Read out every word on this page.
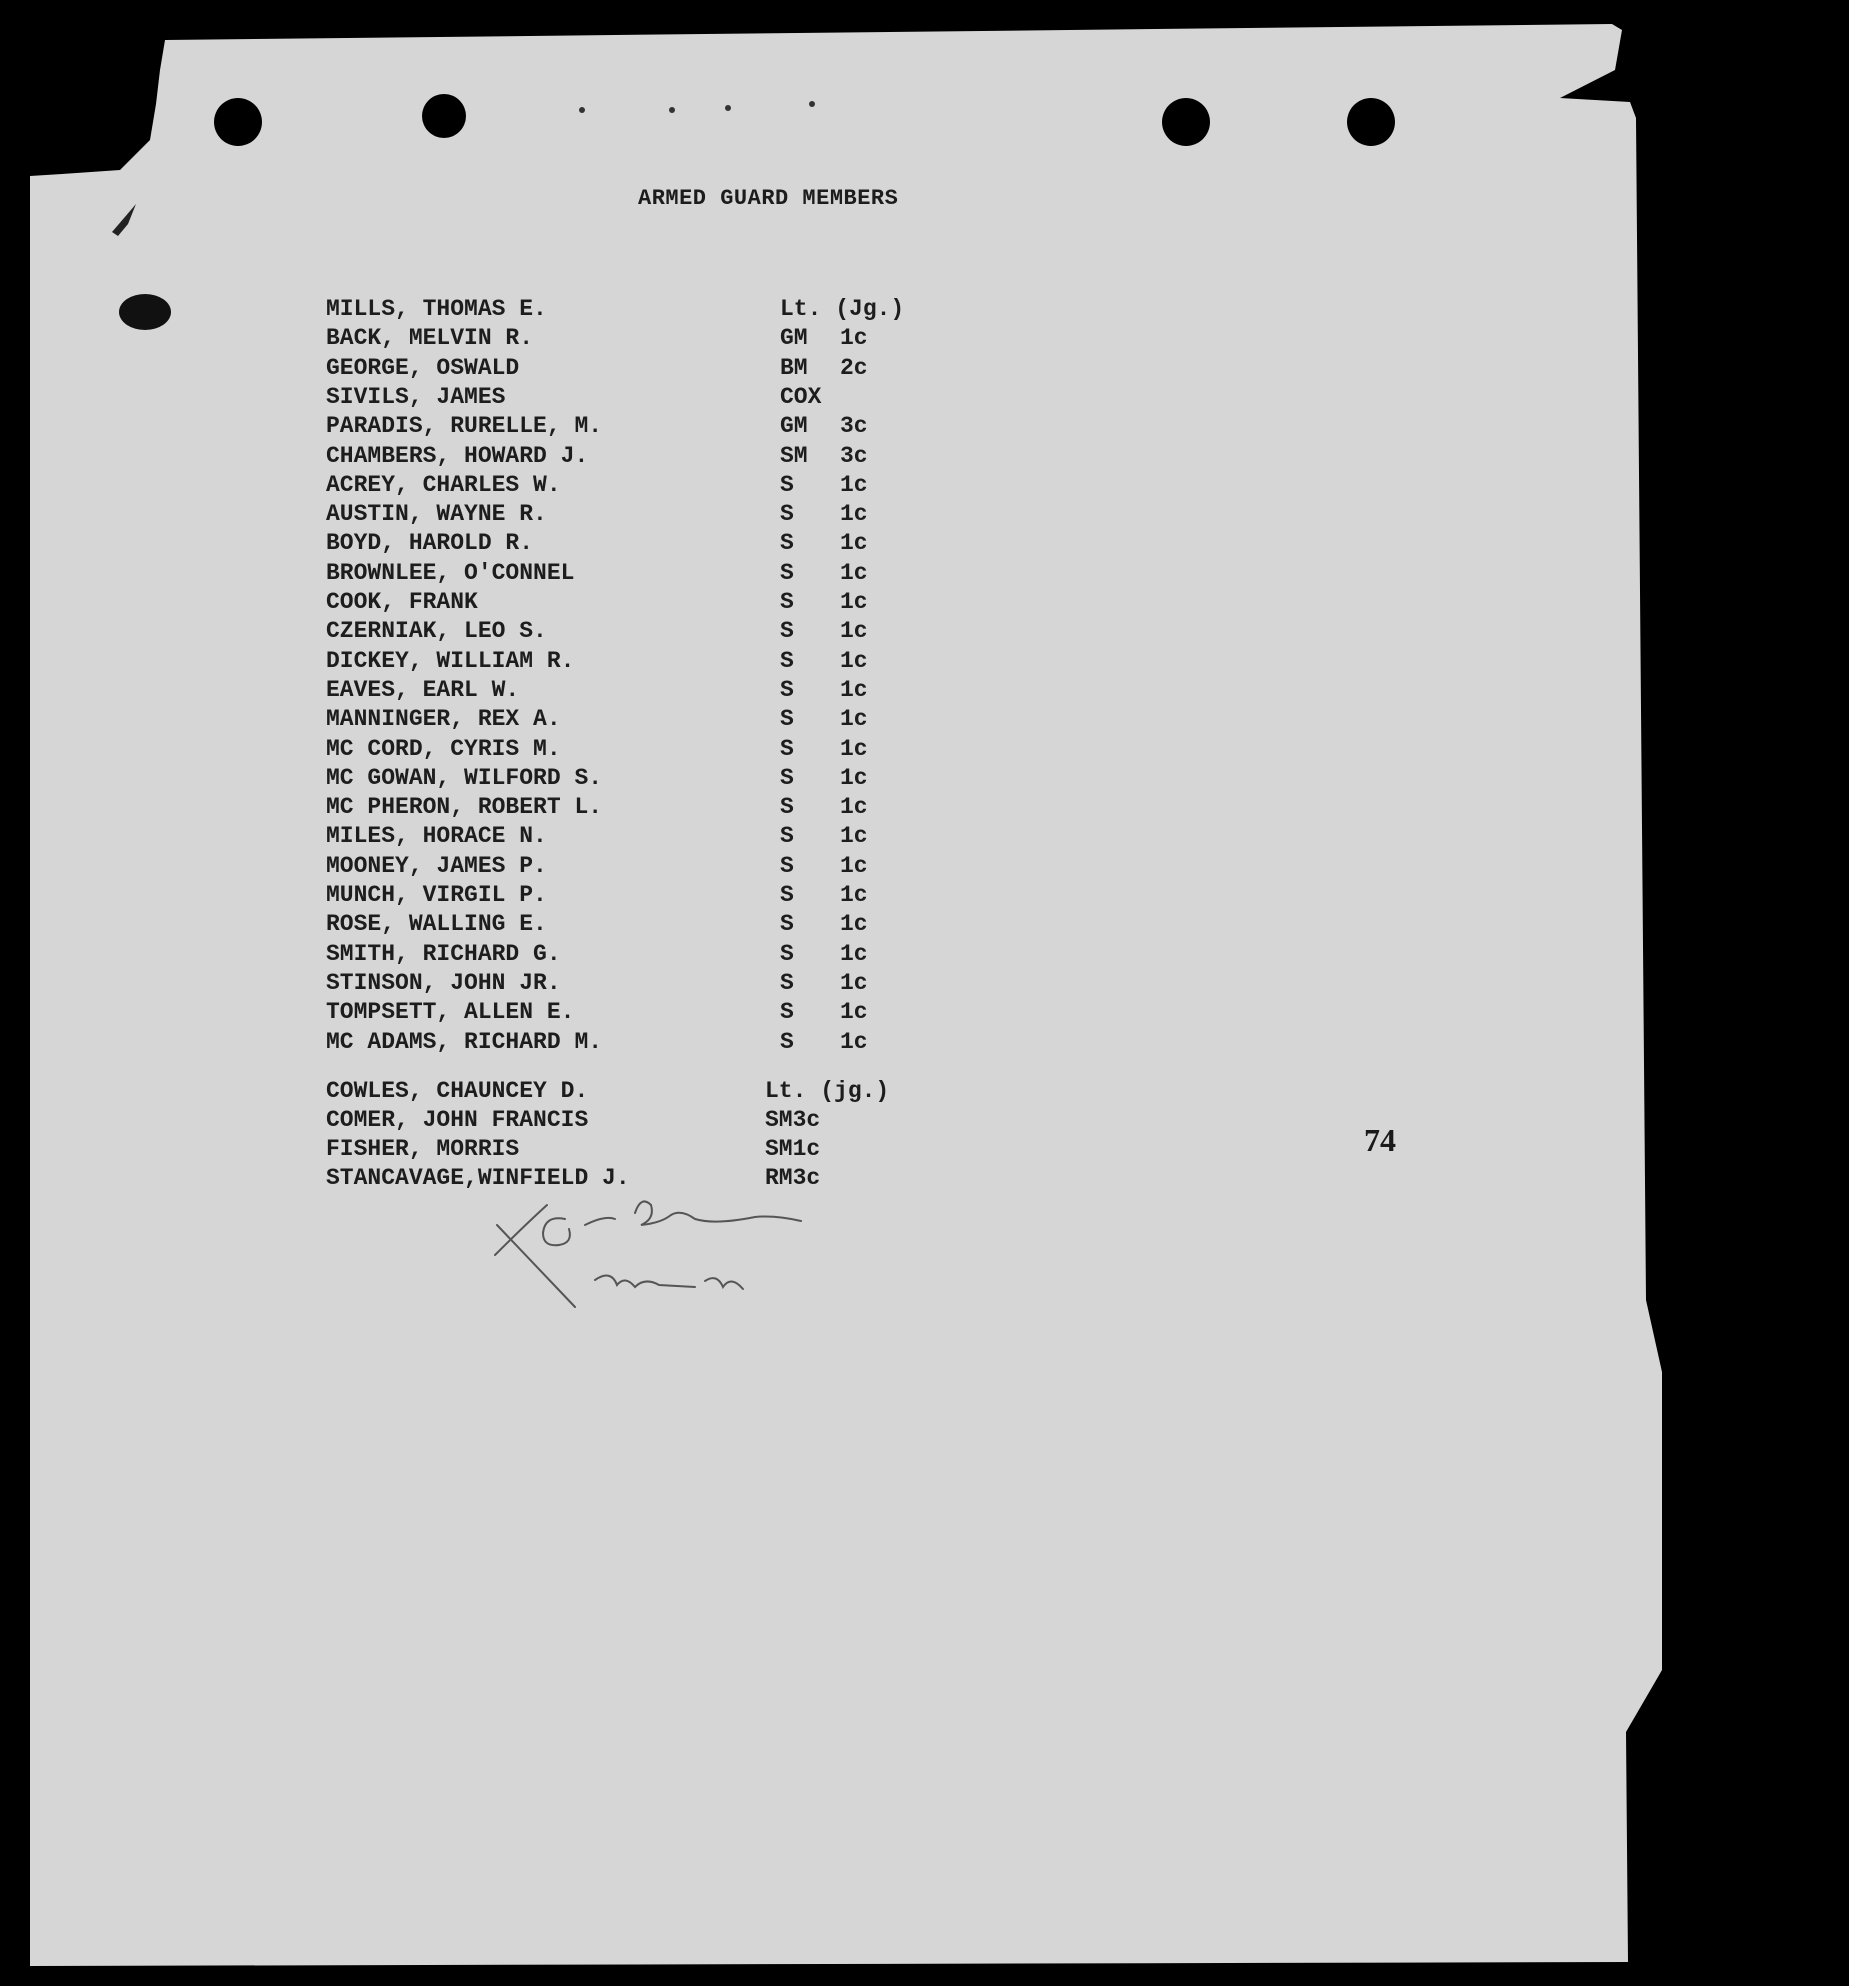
ARMED GUARD MEMBERS
MILLS, THOMAS E.	Lt. (Jg.)
BACK, MELVIN R.	GM 1c
GEORGE, OSWALD	BM 2c
SIVILS, JAMES	COX
PARADIS, RURELLE, M.	GM 3c
CHAMBERS, HOWARD J.	SM 3c
ACREY, CHARLES W.	S 1c
AUSTIN, WAYNE R.	S 1c
BOYD, HAROLD R.	S 1c
BROWNLEE, O'CONNEL	S 1c
COOK, FRANK	S 1c
CZERNIAK, LEO S.	S 1c
DICKEY, WILLIAM R.	S 1c
EAVES, EARL W.	S 1c
MANNINGER, REX A.	S 1c
MC CORD, CYRIS M.	S 1c
MC GOWAN, WILFORD S.	S 1c
MC PHERON, ROBERT L.	S 1c
MILES, HORACE N.	S 1c
MOONEY, JAMES P.	S 1c
MUNCH, VIRGIL P.	S 1c
ROSE, WALLING E.	S 1c
SMITH, RICHARD G.	S 1c
STINSON, JOHN JR.	S 1c
TOMPSETT, ALLEN E.	S 1c
MC ADAMS, RICHARD M.	S 1c
COWLES, CHAUNCEY D.	Lt. (jg.)
COMER, JOHN FRANCIS	SM3c
FISHER, MORRIS	SM1c
STANCAVAGE,WINFIELD J.	RM3c
74
